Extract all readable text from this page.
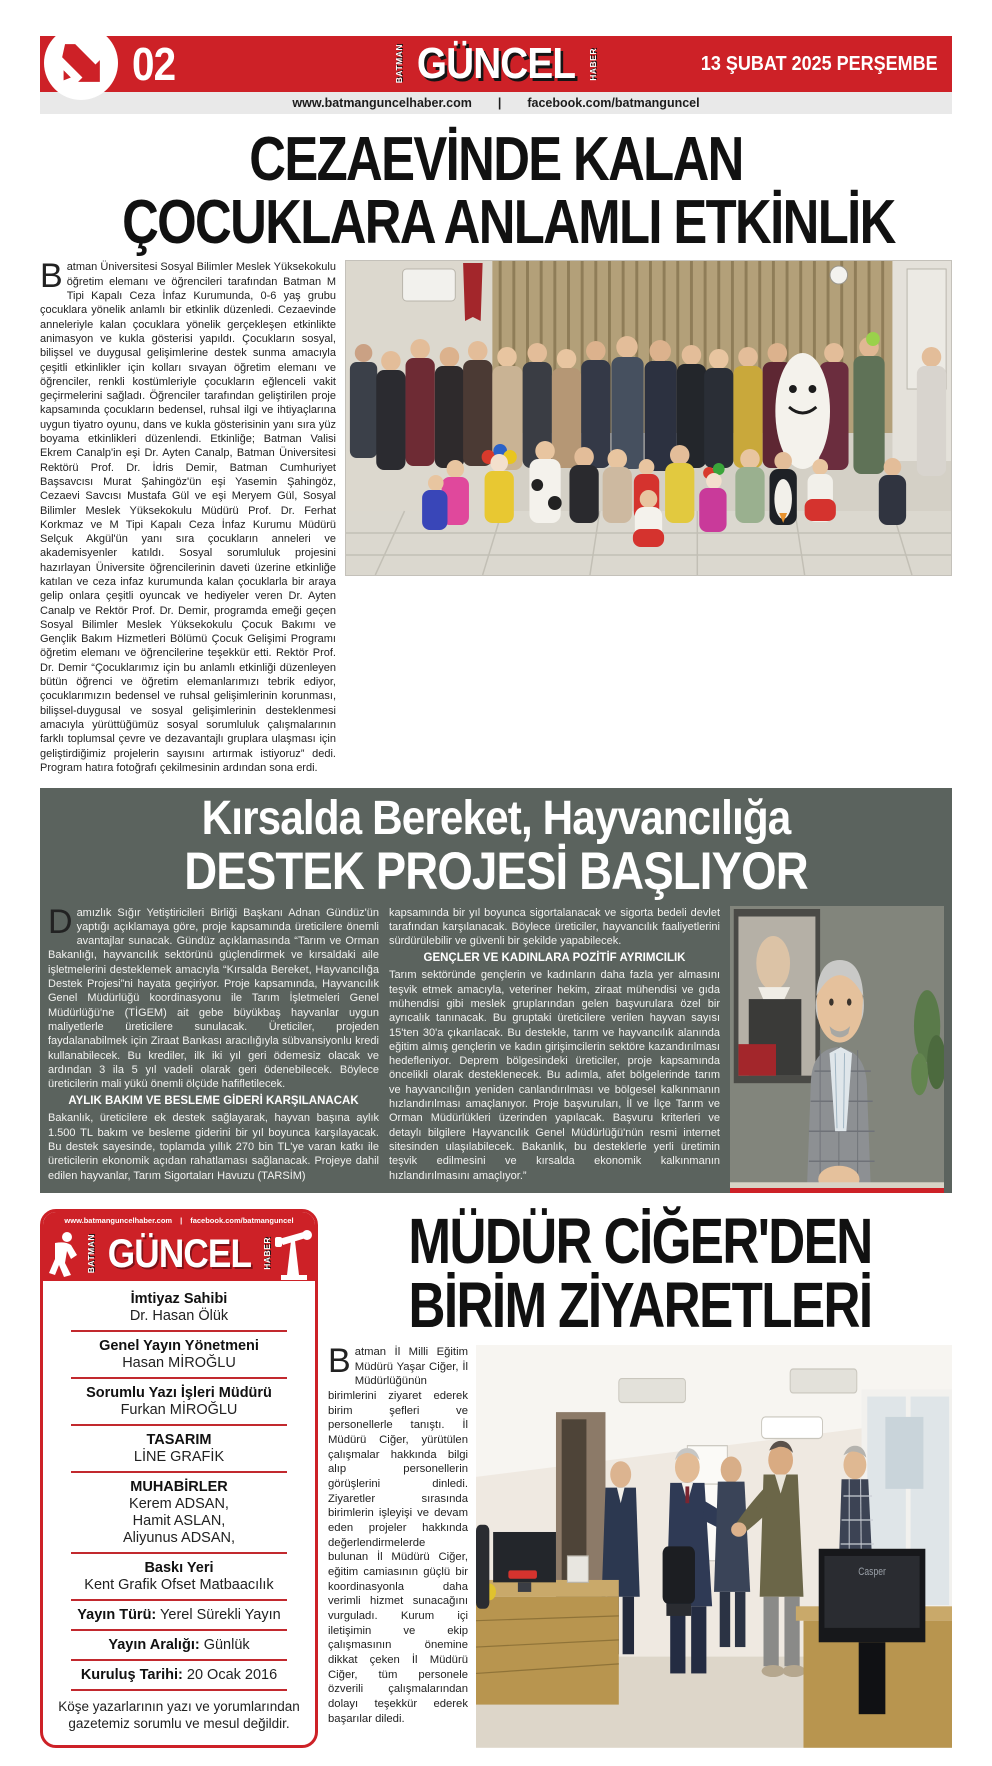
02	BATMAN GÜNCEL HABER	13 ŞUBAT 2025 PERŞEMBE
www.batmanguncelhaber.com | facebook.com/batmanguncel
CEZAEVİNDE KALAN
ÇOCUKLARA ANLAMLI ETKİNLİK
Batman Üniversitesi Sosyal Bilimler Meslek Yüksekokulu öğretim elemanı ve öğrencileri tarafından Batman M Tipi Kapalı Ceza İnfaz Kurumunda, 0-6 yaş grubu çocuklara yönelik anlamlı bir etkinlik düzenledi. Cezaevinde anneleriyle kalan çocuklara yönelik gerçekleşen etkinlikte animasyon ve kukla gösterisi yapıldı. Çocukların sosyal, bilişsel ve duygusal gelişimlerine destek sunma amacıyla çeşitli etkinlikler için kolları sıvayan öğretim elemanı ve öğrenciler, renkli kostümleriyle çocukların eğlenceli vakit geçirmelerini sağladı. Öğrenciler tarafından geliştirilen proje kapsamında çocukların bedensel, ruhsal ilgi ve ihtiyaçlarına uygun tiyatro oyunu, dans ve kukla gösterisinin yanı sıra yüz boyama etkinlikleri düzenlendi. Etkinliğe; Batman Valisi Ekrem Canalp'in eşi Dr. Ayten Canalp, Batman Üniversitesi Rektörü Prof. Dr. İdris Demir, Batman Cumhuriyet Başsavcısı Murat Şahingöz'ün eşi Yasemin Şahingöz, Cezaevi Savcısı Mustafa Gül ve eşi Meryem Gül, Sosyal Bilimler Meslek Yüksekokulu Müdürü Prof. Dr. Ferhat Korkmaz ve M Tipi Kapalı Ceza İnfaz Kurumu Müdürü Selçuk Akgül'ün yanı sıra çocukların anneleri ve akademisyenler katıldı. Sosyal sorumluluk projesini hazırlayan Üniversite öğrencilerinin daveti üzerine etkinliğe katılan ve ceza infaz kurumunda kalan çocuklarla bir araya gelip onlara çeşitli oyuncak ve hediyeler veren Dr. Ayten Canalp ve Rektör Prof. Dr. Demir, programda emeği geçen Sosyal Bilimler Meslek Yüksekokulu Çocuk Bakımı ve Gençlik Bakım Hizmetleri Bölümü Çocuk Gelişimi Programı öğretim elemanı ve öğrencilerine teşekkür etti. Rektör Prof. Dr. Demir “Çocuklarımız için bu anlamlı etkinliği düzenleyen bütün öğrenci ve öğretim elemanlarımızı tebrik ediyor, çocuklarımızın bedensel ve ruhsal gelişimlerinin korunması, bilişsel-duygusal ve sosyal gelişimlerinin desteklenmesi amacıyla yürüttüğümüz sosyal sorumluluk çalışmalarının farklı toplumsal çevre ve dezavantajlı gruplara ulaşması için geliştirdiğimiz projelerin sayısını artırmak istiyoruz” dedi. Program hatıra fotoğrafı çekilmesinin ardından sona erdi.
Kırsalda Bereket, Hayvancılığa
DESTEK PROJESİ BAŞLIYOR
Damızlık Sığır Yetiştiricileri Birliği Başkanı Adnan Gündüz'ün yaptığı açıklamaya göre, proje kapsamında üreticilere önemli avantajlar sunacak. Gündüz açıklamasında “Tarım ve Orman Bakanlığı, hayvancılık sektörünü güçlendirmek ve kırsaldaki aile işletmelerini desteklemek amacıyla “Kırsalda Bereket, Hayvancılığa Destek Projesi”ni hayata geçiriyor. Proje kapsamında, Hayvancılık Genel Müdürlüğü koordinasyonu ile Tarım İşletmeleri Genel Müdürlüğü'ne (TİGEM) ait gebe büyükbaş hayvanlar uygun maliyetlerle üreticilere sunulacak. Üreticiler, projeden faydalanabilmek için Ziraat Bankası aracılığıyla sübvansiyonlu kredi kullanabilecek. Bu krediler, ilk iki yıl geri ödemesiz olacak ve ardından 3 ila 5 yıl vadeli olarak geri ödenebilecek. Böylece üreticilerin mali yükü önemli ölçüde hafifletilecek.
AYLIK BAKIM VE BESLEME GİDERİ KARŞILANACAK
Bakanlık, üreticilere ek destek sağlayarak, hayvan başına aylık 1.500 TL bakım ve besleme giderini bir yıl boyunca karşılayacak. Bu destek sayesinde, toplamda yıllık 270 bin TL'ye varan katkı ile üreticilerin ekonomik açıdan rahatlaması sağlanacak. Projeye dahil edilen hayvanlar, Tarım Sigortaları Havuzu (TARSİM)
kapsamında bir yıl boyunca sigortalanacak ve sigorta bedeli devlet tarafından karşılanacak. Böylece üreticiler, hayvancılık faaliyetlerini sürdürülebilir ve güvenli bir şekilde yapabilecek.
GENÇLER VE KADINLARA POZİTİF AYRIMCILIK
Tarım sektöründe gençlerin ve kadınların daha fazla yer almasını teşvik etmek amacıyla, veteriner hekim, ziraat mühendisi ve gıda mühendisi gibi meslek gruplarından gelen başvurulara özel bir ayrıcalık tanınacak. Bu gruptaki üreticilere verilen hayvan sayısı 15'ten 30'a çıkarılacak. Bu destekle, tarım ve hayvancılık alanında eğitim almış gençlerin ve kadın girişimcilerin sektöre kazandırılması hedefleniyor. Deprem bölgesindeki üreticiler, proje kapsamında öncelikli olarak desteklenecek. Bu adımla, afet bölgelerinde tarım ve hayvancılığın yeniden canlandırılması ve bölgesel kalkınmanın hızlandırılması amaçlanıyor. Proje başvuruları, İl ve İlçe Tarım ve Orman Müdürlükleri üzerinden yapılacak. Başvuru kriterleri ve detaylı bilgilere Hayvancılık Genel Müdürlüğü'nün resmi internet sitesinden ulaşılabilecek. Bakanlık, bu desteklerle yerli üretimin teşvik edilmesini ve kırsalda ekonomik kalkınmanın hızlandırılmasını amaçlıyor.”
www.batmanguncelhaber.com | facebook.com/batmanguncel
BATMAN GÜNCEL HABER
İmtiyaz Sahibi
Dr. Hasan Ölük
Genel Yayın Yönetmeni
Hasan MİROĞLU
Sorumlu Yazı İşleri Müdürü
Furkan MİROĞLU
TASARIM
LİNE GRAFİK
MUHABİRLER
Kerem ADSAN,
Hamit ASLAN,
Aliyunus ADSAN,
Baskı Yeri
Kent Grafik Ofset Matbaacılık
Yayın Türü: Yerel Sürekli Yayın
Yayın Aralığı: Günlük
Kuruluş Tarihi: 20 Ocak 2016
Köşe yazarlarının yazı ve yorumlarından gazetemiz sorumlu ve mesul değildir.
MÜDÜR CİĞER'DEN
BİRİM ZİYARETLERİ
Batman İl Milli Eğitim Müdürü Yaşar Ciğer, İl Müdürlüğünün birimlerini ziyaret ederek birim şefleri ve personellerle tanıştı. İl Müdürü Ciğer, yürütülen çalışmalar hakkında bilgi alıp personellerin görüşlerini dinledi. Ziyaretler sırasında birimlerin işleyişi ve devam eden projeler hakkında değerlendirmelerde bulunan İl Müdürü Ciğer, eğitim camiasının güçlü bir koordinasyonla daha verimli hizmet sunacağını vurguladı. Kurum içi iletişimin ve ekip çalışmasının önemine dikkat çeken İl Müdürü Ciğer, tüm personele özverili çalışmalarından dolayı teşekkür ederek başarılar diledi.
Casper
